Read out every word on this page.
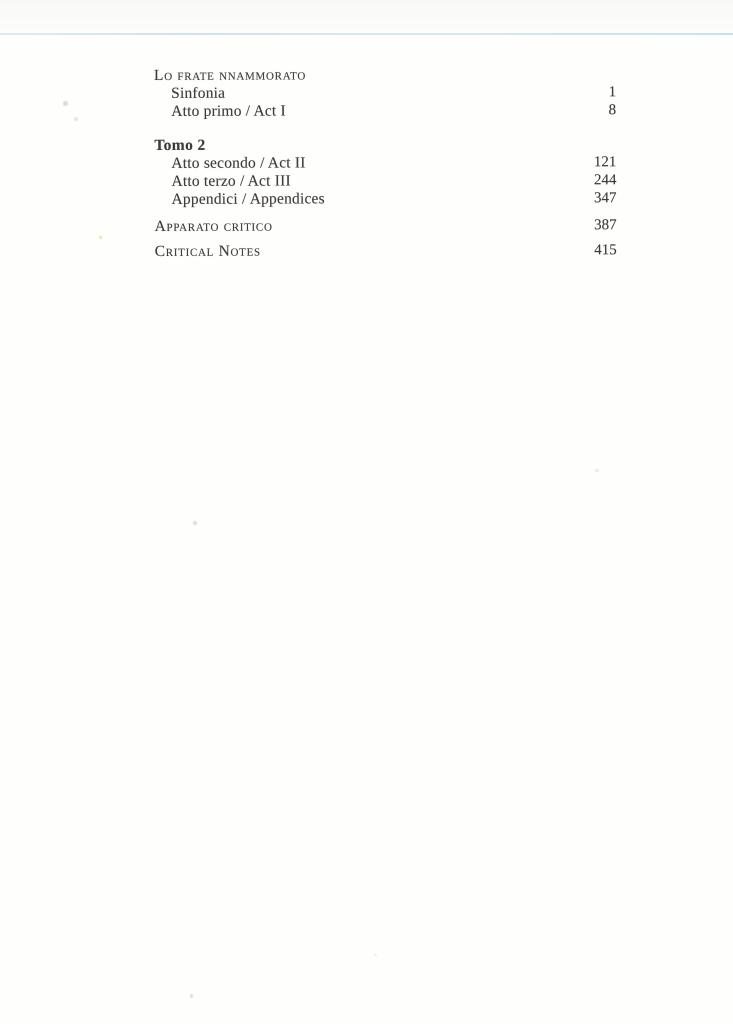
Lo frate nnammorato
Sinfonia	1
Atto primo / Act I	8
Tomo 2
Atto secondo / Act II	121
Atto terzo / Act III	244
Appendici / Appendices	347
Apparato critico	387
Critical Notes	415
